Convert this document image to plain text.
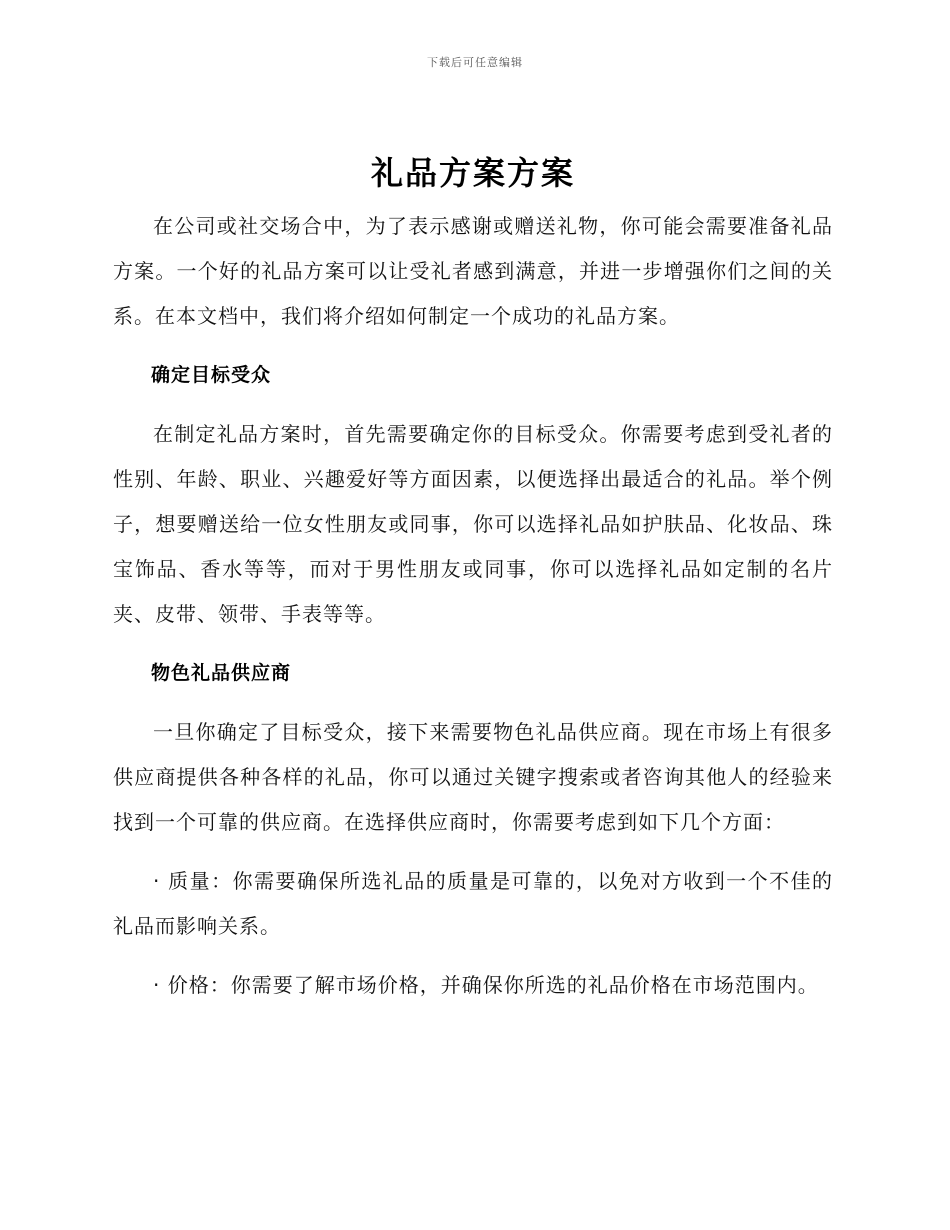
下载后可任意编辑
礼品方案方案

在公司或社交场合中，为了表示感谢或赠送礼物，你可能会需要准备礼品方案。一个好的礼品方案可以让受礼者感到满意，并进一步增强你们之间的关系。在本文档中，我们将介绍如何制定一个成功的礼品方案。

确定目标受众

在制定礼品方案时，首先需要确定你的目标受众。你需要考虑到受礼者的性别、年龄、职业、兴趣爱好等方面因素，以便选择出最适合的礼品。举个例子，想要赠送给一位女性朋友或同事，你可以选择礼品如护肤品、化妆品、珠宝饰品、香水等等，而对于男性朋友或同事，你可以选择礼品如定制的名片夹、皮带、领带、手表等等。

物色礼品供应商

一旦你确定了目标受众，接下来需要物色礼品供应商。现在市场上有很多供应商提供各种各样的礼品，你可以通过关键字搜索或者咨询其他人的经验来找到一个可靠的供应商。在选择供应商时，你需要考虑到如下几个方面：

· 质量：你需要确保所选礼品的质量是可靠的，以免对方收到一个不佳的礼品而影响关系。

· 价格：你需要了解市场价格，并确保你所选的礼品价格在市场范围内。
